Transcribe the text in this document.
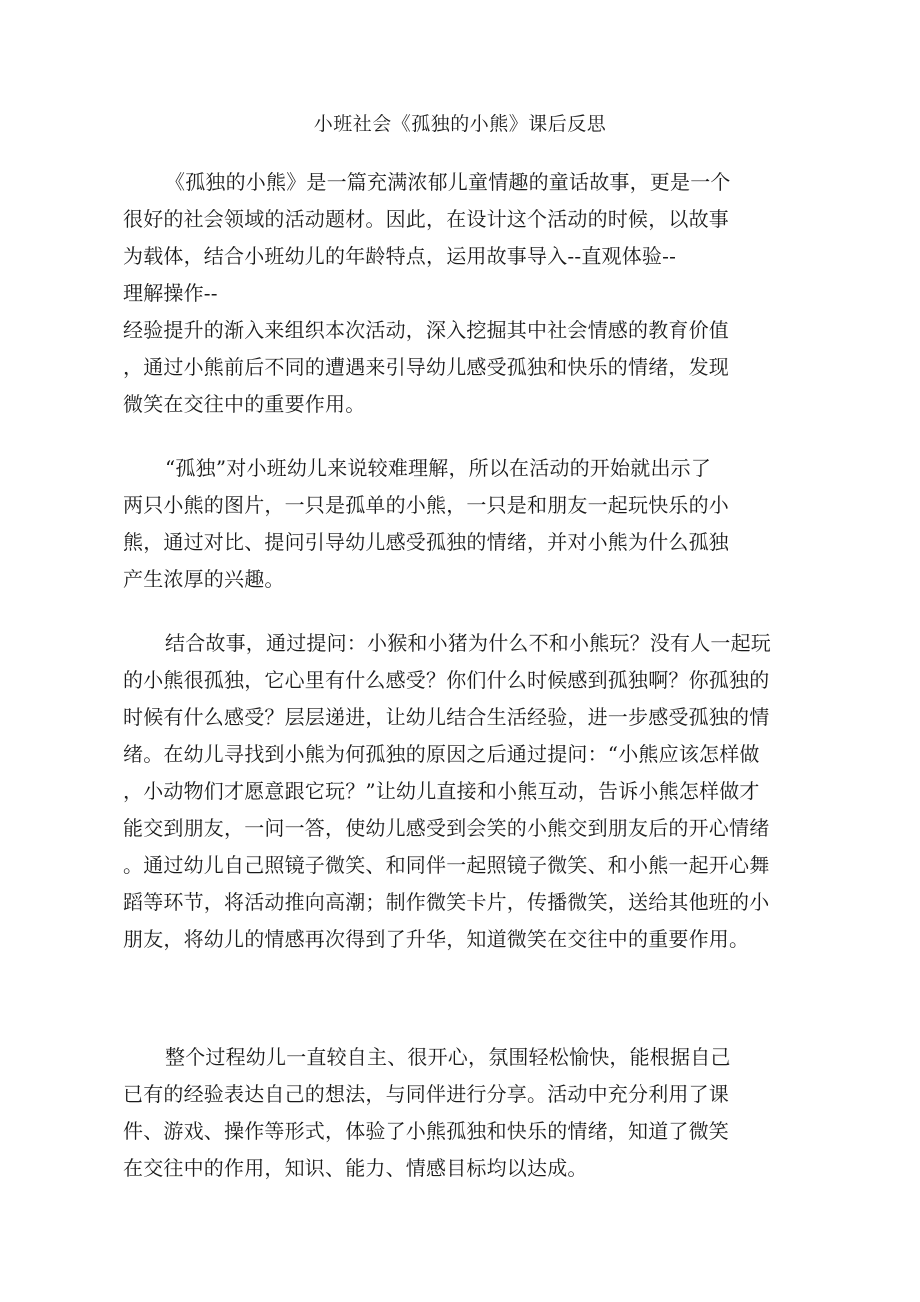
小班社会《孤独的小熊》课后反思
《孤独的小熊》是一篇充满浓郁儿童情趣的童话故事，更是一个
很好的社会领域的活动题材。因此，在设计这个活动的时候，以故事
为载体，结合小班幼儿的年龄特点，运用故事导入--直观体验--
理解操作--
经验提升的渐入来组织本次活动，深入挖掘其中社会情感的教育价值
，通过小熊前后不同的遭遇来引导幼儿感受孤独和快乐的情绪，发现
微笑在交往中的重要作用。
“孤独”对小班幼儿来说较难理解，所以在活动的开始就出示了
两只小熊的图片，一只是孤单的小熊，一只是和朋友一起玩快乐的小
熊，通过对比、提问引导幼儿感受孤独的情绪，并对小熊为什么孤独
产生浓厚的兴趣。
结合故事，通过提问：小猴和小猪为什么不和小熊玩？没有人一起玩
的小熊很孤独，它心里有什么感受？你们什么时候感到孤独啊？你孤独的
时候有什么感受？层层递进，让幼儿结合生活经验，进一步感受孤独的情
绪。在幼儿寻找到小熊为何孤独的原因之后通过提问：“小熊应该怎样做
，小动物们才愿意跟它玩？”让幼儿直接和小熊互动，告诉小熊怎样做才
能交到朋友，一问一答，使幼儿感受到会笑的小熊交到朋友后的开心情绪
。通过幼儿自己照镜子微笑、和同伴一起照镜子微笑、和小熊一起开心舞
蹈等环节，将活动推向高潮；制作微笑卡片，传播微笑，送给其他班的小
朋友，将幼儿的情感再次得到了升华，知道微笑在交往中的重要作用。
整个过程幼儿一直较自主、很开心，氛围轻松愉快，能根据自己
已有的经验表达自己的想法，与同伴进行分享。活动中充分利用了课
件、游戏、操作等形式，体验了小熊孤独和快乐的情绪，知道了微笑
在交往中的作用，知识、能力、情感目标均以达成。
